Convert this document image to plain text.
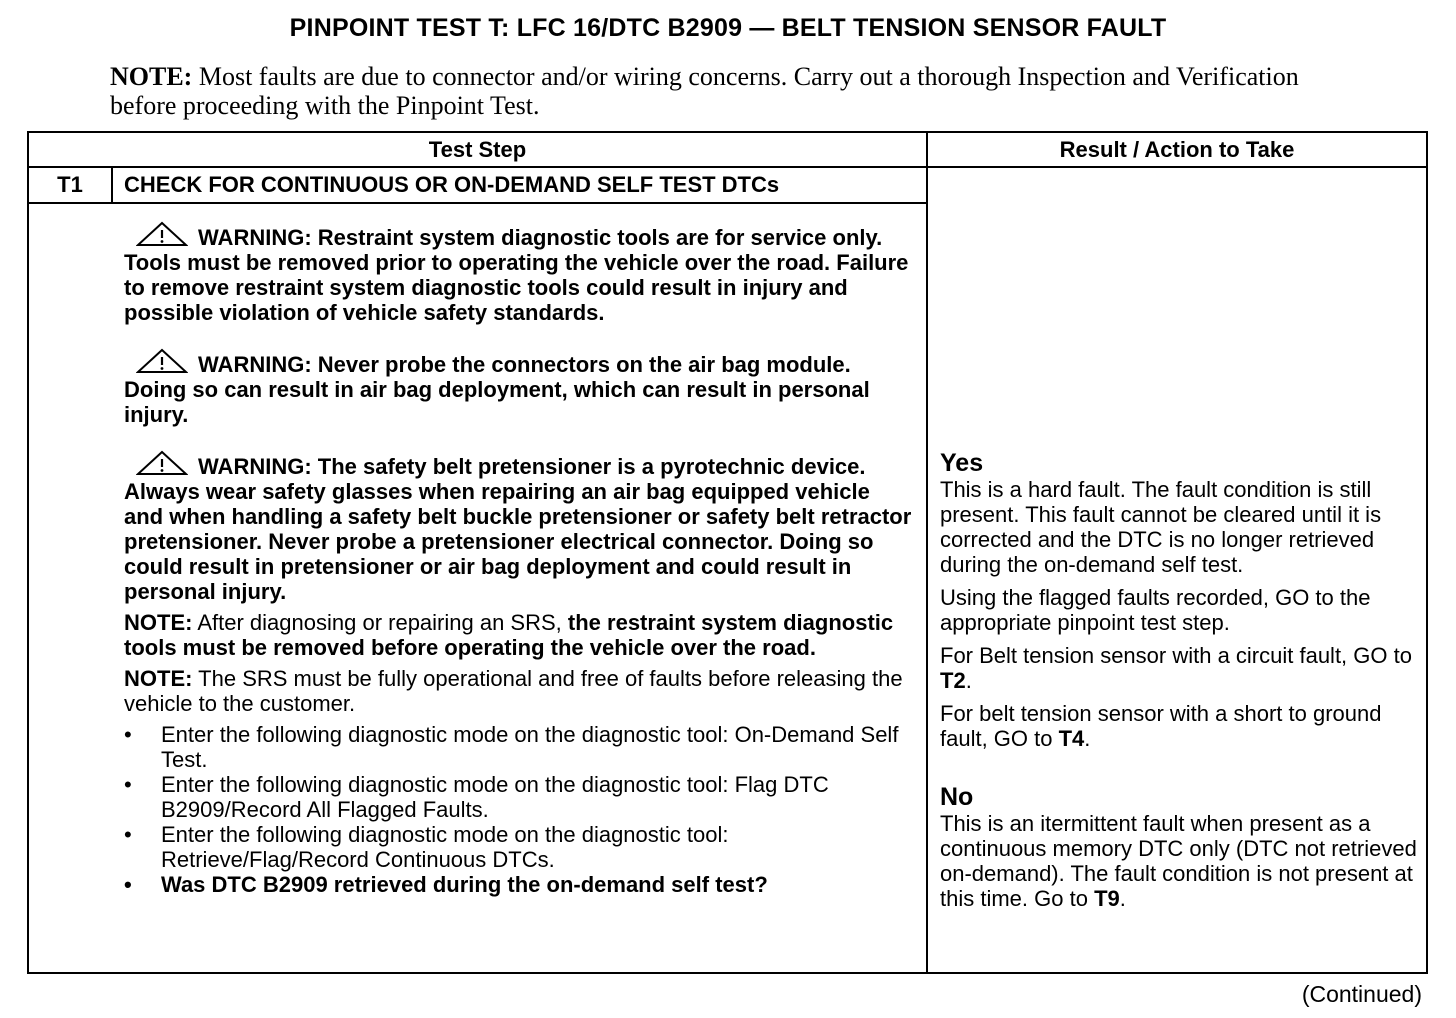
PINPOINT TEST T: LFC 16/DTC B2909 — BELT TENSION SENSOR FAULT
NOTE: Most faults are due to connector and/or wiring concerns. Carry out a thorough Inspection and Verification before proceeding with the Pinpoint Test.
Test Step	Result / Action to Take
T1	CHECK FOR CONTINUOUS OR ON-DEMAND SELF TEST DTCs
WARNING: Restraint system diagnostic tools are for service only. Tools must be removed prior to operating the vehicle over the road. Failure to remove restraint system diagnostic tools could result in injury and possible violation of vehicle safety standards.
WARNING: Never probe the connectors on the air bag module. Doing so can result in air bag deployment, which can result in personal injury.
WARNING: The safety belt pretensioner is a pyrotechnic device. Always wear safety glasses when repairing an air bag equipped vehicle and when handling a safety belt buckle pretensioner or safety belt retractor pretensioner. Never probe a pretensioner electrical connector. Doing so could result in pretensioner or air bag deployment and could result in personal injury.
NOTE: After diagnosing or repairing an SRS, the restraint system diagnostic tools must be removed before operating the vehicle over the road.
NOTE: The SRS must be fully operational and free of faults before releasing the vehicle to the customer.
• Enter the following diagnostic mode on the diagnostic tool: On-Demand Self Test.
• Enter the following diagnostic mode on the diagnostic tool: Flag DTC B2909/Record All Flagged Faults.
• Enter the following diagnostic mode on the diagnostic tool: Retrieve/Flag/Record Continuous DTCs.
• Was DTC B2909 retrieved during the on-demand self test?
Yes

This is a hard fault. The fault condition is still present. This fault cannot be cleared until it is corrected and the DTC is no longer retrieved during the on-demand self test.

Using the flagged faults recorded, GO to the appropriate pinpoint test step.

For Belt tension sensor with a circuit fault, GO to T2.

For belt tension sensor with a short to ground fault, GO to T4.

No

This is an itermittent fault when present as a continuous memory DTC only (DTC not retrieved on-demand). The fault condition is not present at this time. Go to T9.

(Continued)
